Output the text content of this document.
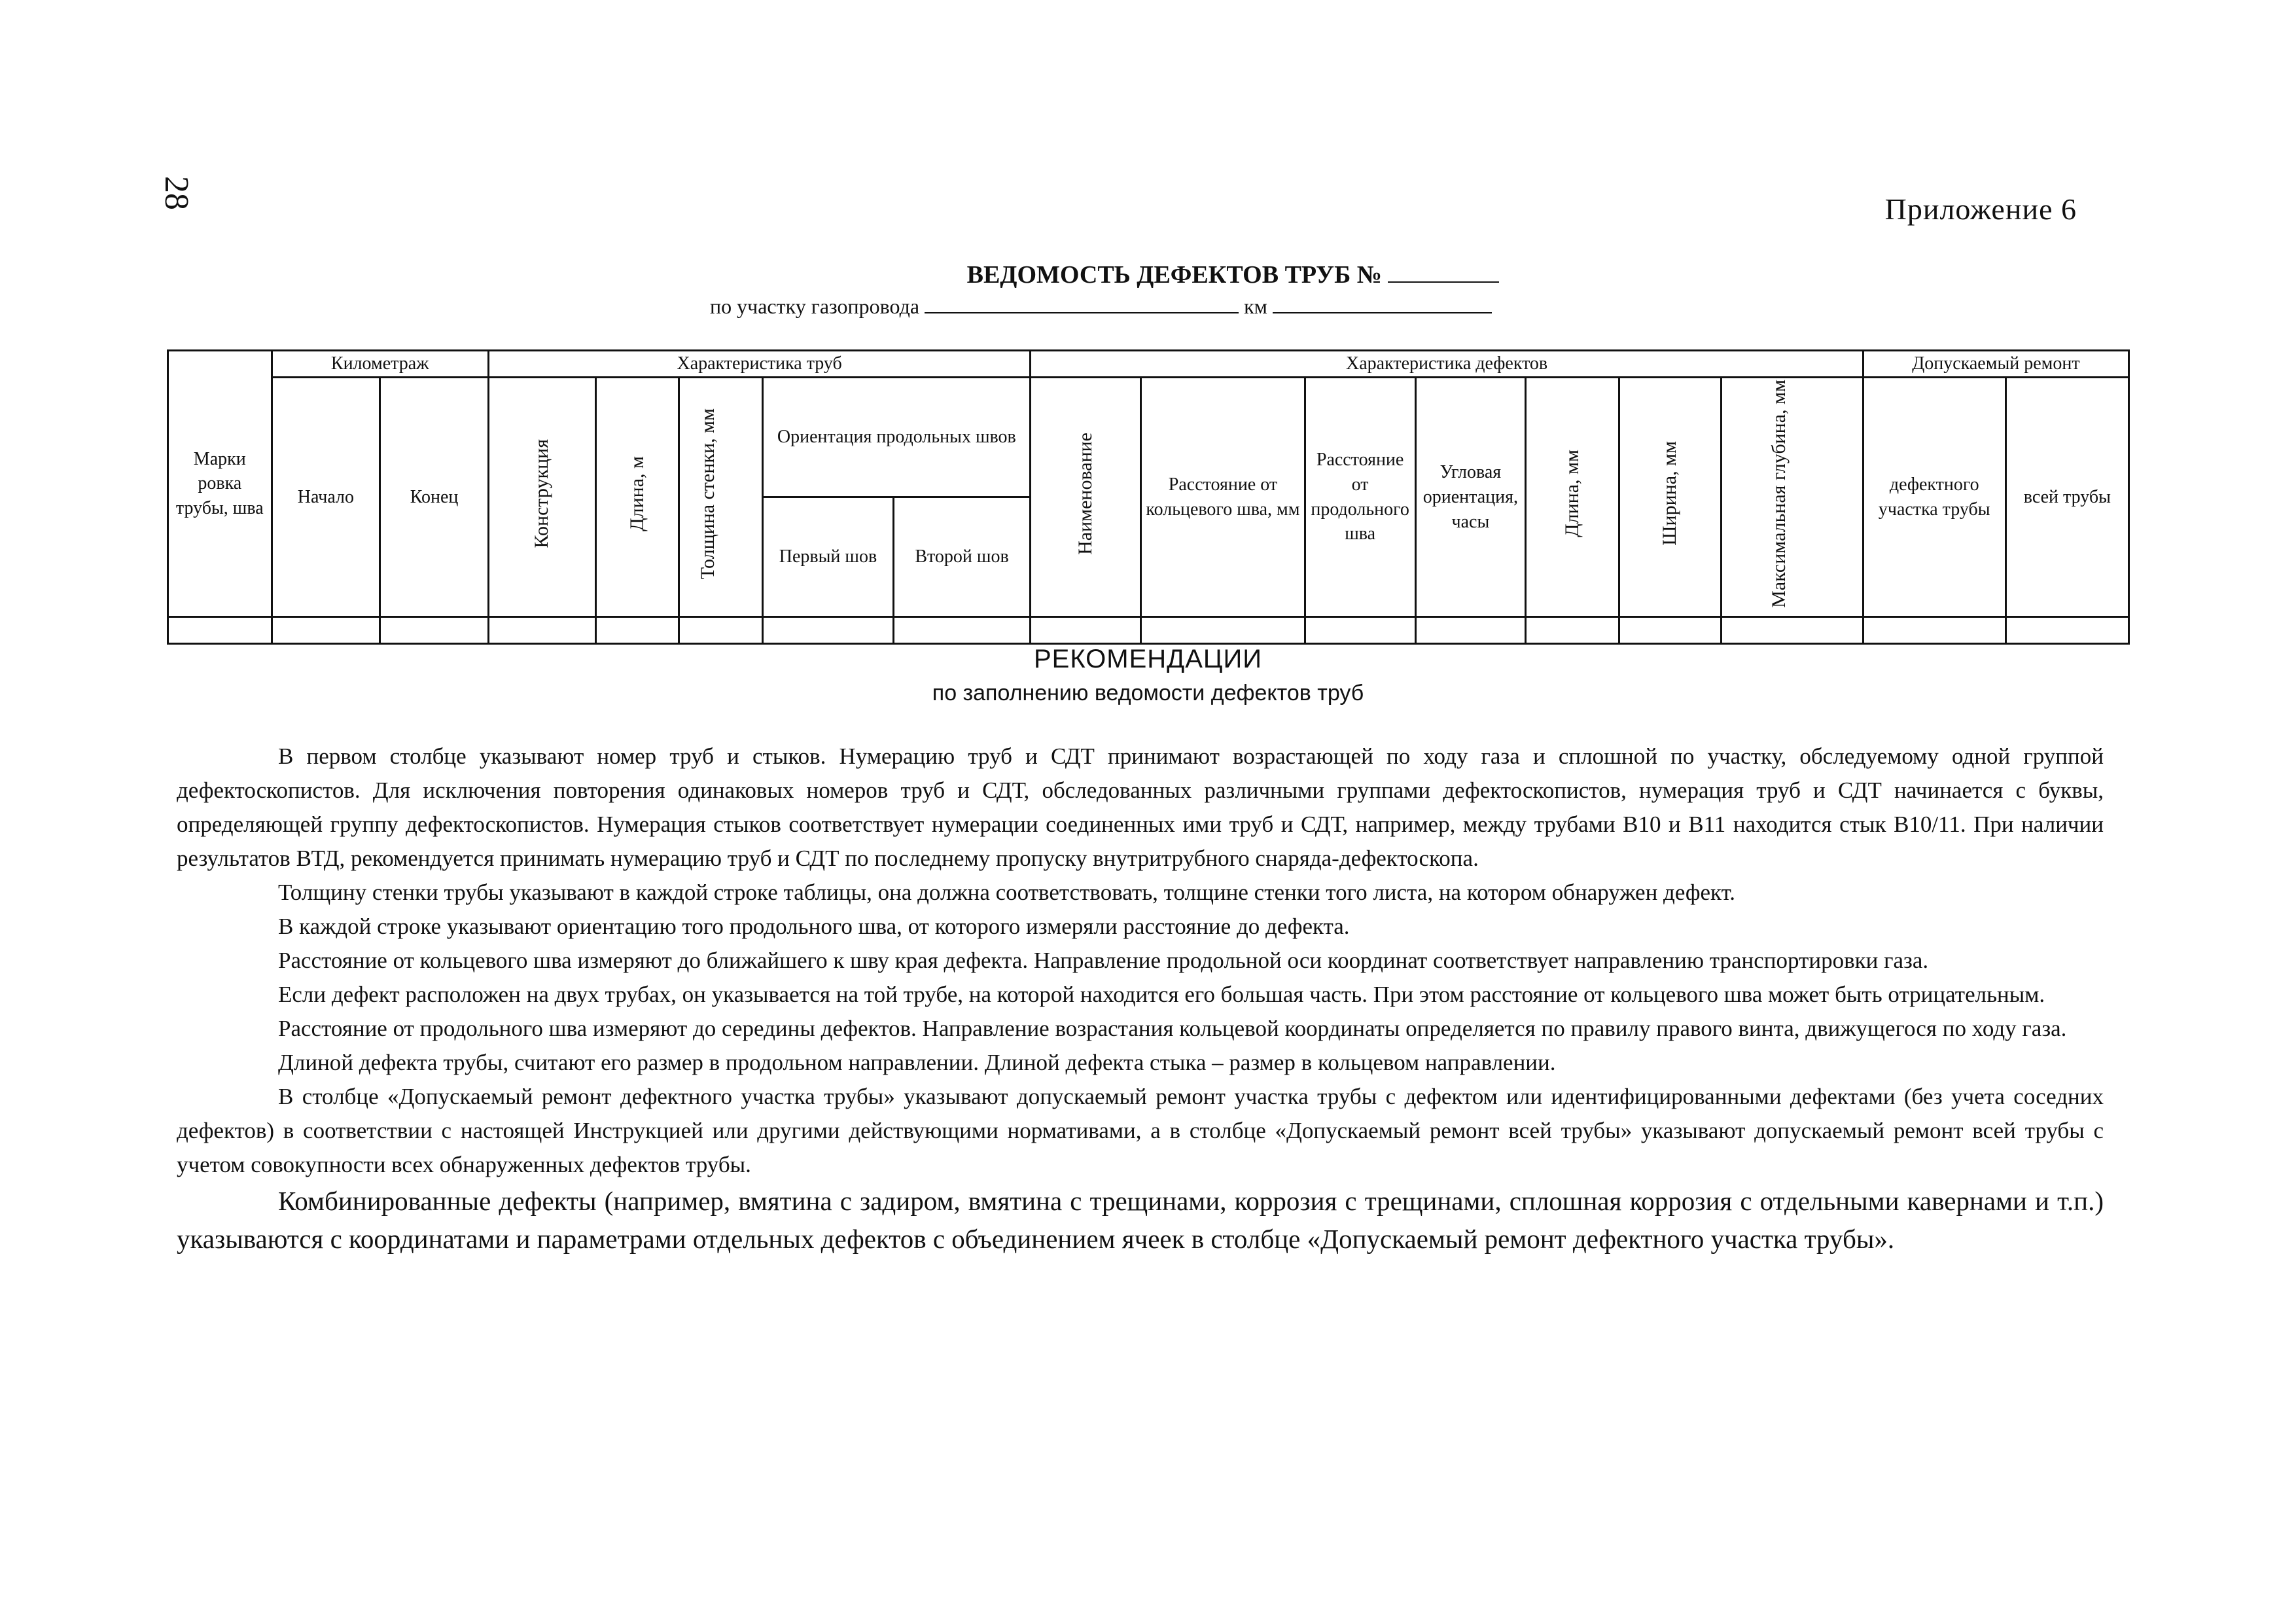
28	Приложение 6
ВЕДОМОСТЬ ДЕФЕКТОВ ТРУБ №
по участку газопровода	км
Марки ровка трубы, шва	Километраж		Характеристика труб					Характеристика дефектов							Допускаемый ремонт	
	Начало	Конец	Конструкция	Длина, м	Толщина стенки, мм	Ориентация продольных швов		Наименование	Расстояние от кольцевого шва, мм	Расстояние от продольного шва	Угловая ориентация, часы	Длина, мм	Ширина, мм	Максимальная глубина, мм	дефектного участка трубы	всей трубы
						Первый шов	Второй шов									

РЕКОМЕНДАЦИИ
по заполнению ведомости дефектов труб

В первом столбце указывают номер труб и стыков. Нумерацию труб и СДТ принимают возрастающей по ходу газа и сплошной по участку, обследуемому одной группой дефектоскопистов. Для исключения повторения одинаковых номеров труб и СДТ, обследованных различными группами дефектоскопистов, нумерация труб и СДТ начинается с буквы, определяющей группу дефектоскопистов. Нумерация стыков соответствует нумерации соединенных ими труб и СДТ, например, между трубами В10 и В11 находится стык В10/11. При наличии результатов ВТД, рекомендуется принимать нумерацию труб и СДТ по последнему пропуску внутритрубного снаряда-дефектоскопа.

Толщину стенки трубы указывают в каждой строке таблицы, она должна соответствовать, толщине стенки того листа, на котором обнаружен дефект.

В каждой строке указывают ориентацию того продольного шва, от которого измеряли расстояние до дефекта.

Расстояние от кольцевого шва измеряют до ближайшего к шву края дефекта. Направление продольной оси координат соответствует направлению транспортировки газа.

Если дефект расположен на двух трубах, он указывается на той трубе, на которой находится его большая часть. При этом расстояние от кольцевого шва может быть отрицательным.

Расстояние от продольного шва измеряют до середины дефектов. Направление возрастания кольцевой координаты определяется по правилу правого винта, движущегося по ходу газа.

Длиной дефекта трубы, считают его размер в продольном направлении. Длиной дефекта стыка – размер в кольцевом направлении.

В столбце «Допускаемый ремонт дефектного участка трубы» указывают допускаемый ремонт участка трубы с дефектом или идентифицированными дефектами (без учета соседних дефектов) в соответствии с настоящей Инструкцией или другими действующими нормативами, а в столбце «Допускаемый ремонт всей трубы» указывают допускаемый ремонт всей трубы с учетом совокупности всех обнаруженных дефектов трубы.

Комбинированные дефекты (например, вмятина с задиром, вмятина с трещинами, коррозия с трещинами, сплошная коррозия с отдельными кавернами и т.п.) указываются с координатами и параметрами отдельных дефектов с объединением ячеек в столбце «Допускаемый ремонт дефектного участка трубы».
